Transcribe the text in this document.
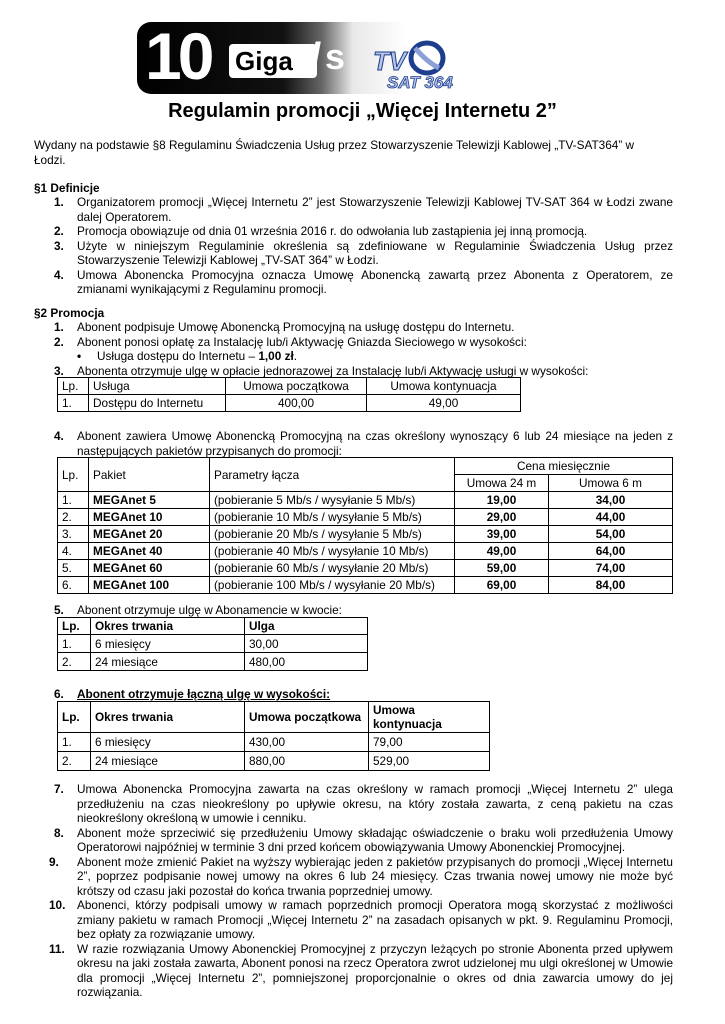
10 Giga / s TV
SAT 364
Regulamin promocji „Więcej Internetu 2”

Wydany na podstawie §8 Regulaminu Świadczenia Usług przez Stowarzyszenie Telewizji Kablowej „TV-SAT364” w Łodzi.

§1 Definicje

1. Organizatorem promocji „Więcej Internetu 2” jest Stowarzyszenie Telewizji Kablowej TV-SAT 364 w Łodzi zwane dalej Operatorem.
2. Promocja obowiązuje od dnia 01 września 2016 r. do odwołania lub zastąpienia jej inną promocją.
3. Użyte w niniejszym Regulaminie określenia są zdefiniowane w Regulaminie Świadczenia Usług przez Stowarzyszenie Telewizji Kablowej „TV-SAT 364” w Łodzi.
4. Umowa Abonencka Promocyjna oznacza Umowę Abonencką zawartą przez Abonenta z Operatorem, ze zmianami wynikającymi z Regulaminu promocji.

§2 Promocja

1. Abonent podpisuje Umowę Abonencką Promocyjną na usługę dostępu do Internetu.
2. Abonent ponosi opłatę za Instalację lub/i Aktywację Gniazda Sieciowego w wysokości:
• Usługa dostępu do Internetu – 1,00 zł.
3. Abonenta otrzymuje ulgę w opłacie jednorazowej za Instalację lub/i Aktywację usługi w wysokości:
Lp.	Usługa	Umowa początkowa	Umowa kontynuacja
1.	Dostępu do Internetu	400,00	49,00
4. Abonent zawiera Umowę Abonencką Promocyjną na czas określony wynoszący 6 lub 24 miesiące na jeden z następujących pakietów przypisanych do promocji:
Lp.	Pakiet	Parametry łącza	Cena miesięcznie	
			Umowa 24 m	Umowa 6 m
1.	MEGAnet 5	(pobieranie 5 Mb/s / wysyłanie 5 Mb/s)	19,00	34,00
2.	MEGAnet 10	(pobieranie 10 Mb/s / wysyłanie 5 Mb/s)	29,00	44,00
3.	MEGAnet 20	(pobieranie 20 Mb/s / wysyłanie 5 Mb/s)	39,00	54,00
4.	MEGAnet 40	(pobieranie 40 Mb/s / wysyłanie 10 Mb/s)	49,00	64,00
5.	MEGAnet 60	(pobieranie 60 Mb/s / wysyłanie 20 Mb/s)	59,00	74,00
6.	MEGAnet 100	(pobieranie 100 Mb/s / wysyłanie 20 Mb/s)	69,00	84,00
5. Abonent otrzymuje ulgę w Abonamencie w kwocie:
Lp.	Okres trwania	Ulga
1.	6 miesięcy	30,00
2.	24 miesiące	480,00
6. Abonent otrzymuje łączną ulgę w wysokości:
Lp.	Okres trwania	Umowa początkowa	Umowa kontynuacja
1.	6 miesięcy	430,00	79,00
2.	24 miesiące	880,00	529,00
7. Umowa Abonencka Promocyjna zawarta na czas określony w ramach promocji „Więcej Internetu 2” ulega przedłużeniu na czas nieokreślony po upływie okresu, na który została zawarta, z ceną pakietu na czas nieokreślony określoną w umowie i cenniku.
8. Abonent może sprzeciwić się przedłużeniu Umowy składając oświadczenie o braku woli przedłużenia Umowy Operatorowi najpóźniej w terminie 3 dni przed końcem obowiązywania Umowy Abonenckiej Promocyjnej.
9. Abonent może zmienić Pakiet na wyższy wybierając jeden z pakietów przypisanych do promocji „Więcej Internetu 2”, poprzez podpisanie nowej umowy na okres 6 lub 24 miesięcy. Czas trwania nowej umowy nie może być krótszy od czasu jaki pozostał do końca trwania poprzedniej umowy.
10. Abonenci, którzy podpisali umowy w ramach poprzednich promocji Operatora mogą skorzystać z możliwości zmiany pakietu w ramach Promocji „Więcej Internetu 2” na zasadach opisanych w pkt. 9. Regulaminu Promocji, bez opłaty za rozwiązanie umowy.
11. W razie rozwiązania Umowy Abonenckiej Promocyjnej z przyczyn leżących po stronie Abonenta przed upływem okresu na jaki została zawarta, Abonent ponosi na rzecz Operatora zwrot udzielonej mu ulgi określonej w Umowie dla promocji „Więcej Internetu 2”, pomniejszonej proporcjonalnie o okres od dnia zawarcia umowy do jej rozwiązania.
